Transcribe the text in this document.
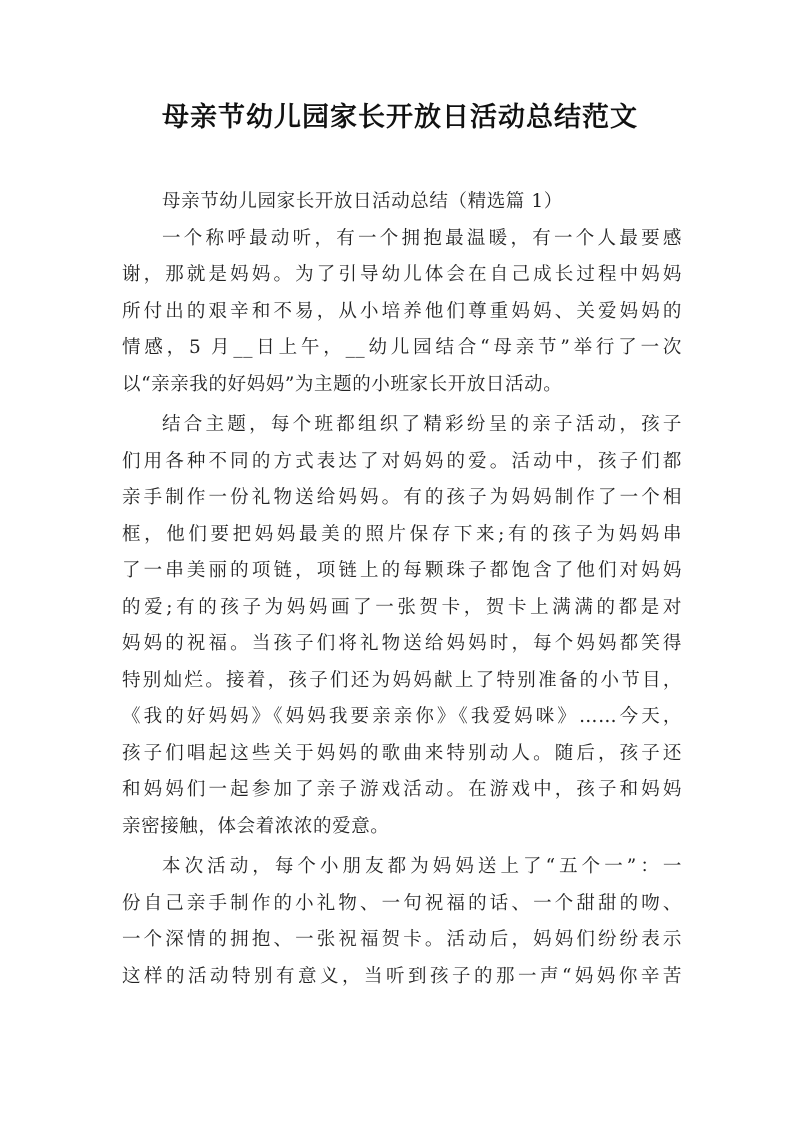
母亲节幼儿园家长开放日活动总结范文
母亲节幼儿园家长开放日活动总结（精选篇 1）
一个称呼最动听，有一个拥抱最温暖，有一个人最要感
谢，那就是妈妈。为了引导幼儿体会在自己成长过程中妈妈
所付出的艰辛和不易，从小培养他们尊重妈妈、关爱妈妈的
情感，5 月__日上午，__幼儿园结合“母亲节”举行了一次
以“亲亲我的好妈妈”为主题的小班家长开放日活动。
结合主题，每个班都组织了精彩纷呈的亲子活动，孩子
们用各种不同的方式表达了对妈妈的爱。活动中，孩子们都
亲手制作一份礼物送给妈妈。有的孩子为妈妈制作了一个相
框，他们要把妈妈最美的照片保存下来;有的孩子为妈妈串
了一串美丽的项链，项链上的每颗珠子都饱含了他们对妈妈
的爱;有的孩子为妈妈画了一张贺卡，贺卡上满满的都是对
妈妈的祝福。当孩子们将礼物送给妈妈时，每个妈妈都笑得
特别灿烂。接着，孩子们还为妈妈献上了特别准备的小节目，
《我的好妈妈》《妈妈我要亲亲你》《我爱妈咪》……今天，
孩子们唱起这些关于妈妈的歌曲来特别动人。随后，孩子还
和妈妈们一起参加了亲子游戏活动。在游戏中，孩子和妈妈
亲密接触，体会着浓浓的爱意。
本次活动，每个小朋友都为妈妈送上了“五个一”：一
份自己亲手制作的小礼物、一句祝福的话、一个甜甜的吻、
一个深情的拥抱、一张祝福贺卡。活动后，妈妈们纷纷表示
这样的活动特别有意义，当听到孩子的那一声“妈妈你辛苦
